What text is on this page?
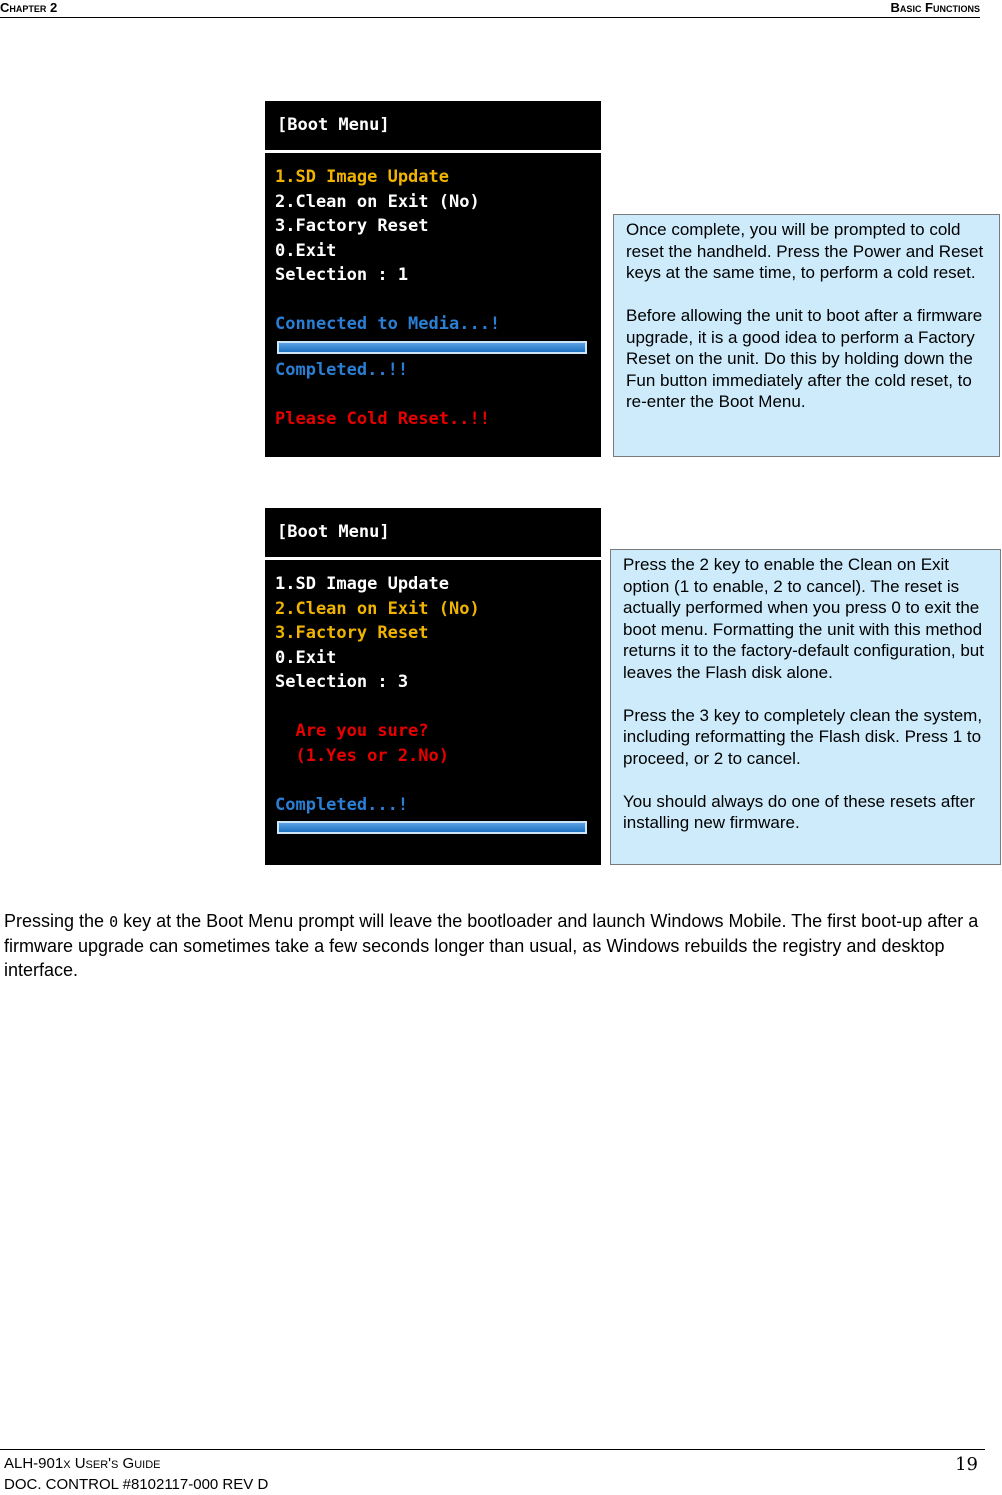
Chapter 2	Basic Functions
[Boot Menu]
1.SD Image Update
2.Clean on Exit (No)
3.Factory Reset
0.Exit
Selection : 1
Connected to Media...!
Completed..!!
Please Cold Reset..!!

Once complete, you will be prompted to cold reset the handheld. Press the Power and Reset keys at the same time, to perform a cold reset.

Before allowing the unit to boot after a firmware upgrade, it is a good idea to perform a Factory Reset on the unit. Do this by holding down the Fun button immediately after the cold reset, to re-enter the Boot Menu.

[Boot Menu]
1.SD Image Update
2.Clean on Exit (No)
3.Factory Reset
0.Exit
Selection : 3
Are you sure?
(1.Yes or 2.No)
Completed...!

Press the 2 key to enable the Clean on Exit option (1 to enable, 2 to cancel). The reset is actually performed when you press 0 to exit the boot menu. Formatting the unit with this method returns it to the factory-default configuration, but leaves the Flash disk alone.

Press the 3 key to completely clean the system, including reformatting the Flash disk. Press 1 to proceed, or 2 to cancel.

You should always do one of these resets after installing new firmware.

Pressing the 0 key at the Boot Menu prompt will leave the bootloader and launch Windows Mobile. The first boot-up after a firmware upgrade can sometimes take a few seconds longer than usual, as Windows rebuilds the registry and desktop interface.
ALH-901x User's Guide
DOC. CONTROL #8102117-000 REV D
19
